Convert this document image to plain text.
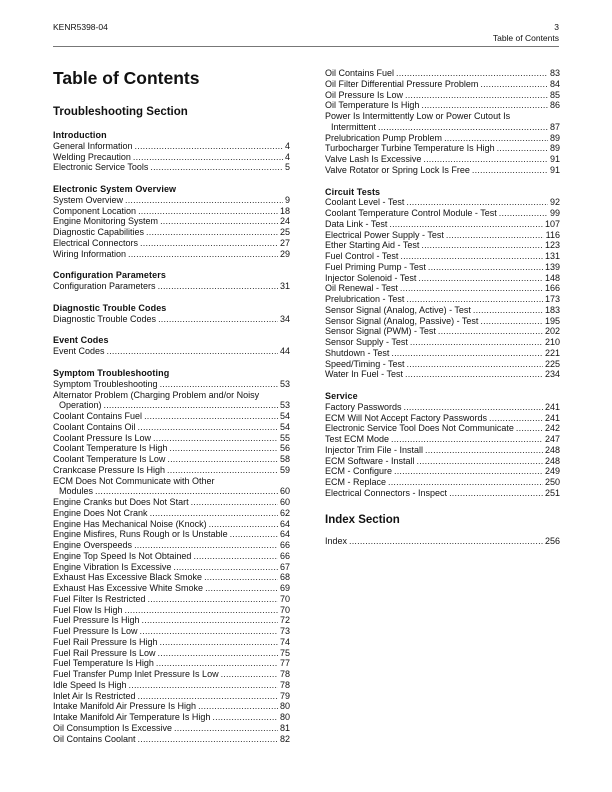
KENR5398-04	3
Table of Contents
Table of Contents
Troubleshooting Section
Introduction
General Information .....	4
Welding Precaution .....	4
Electronic Service Tools .....	5
Electronic System Overview
System Overview .....	9
Component Location .....	18
Engine Monitoring System .....	24
Diagnostic Capabilities .....	25
Electrical Connectors .....	27
Wiring Information .....	29
Configuration Parameters
Configuration Parameters .....	31
Diagnostic Trouble Codes
Diagnostic Trouble Codes .....	34
Event Codes
Event Codes .....	44
Symptom Troubleshooting
Symptom Troubleshooting .....	53
Alternator Problem (Charging Problem and/or Noisy
Operation) .....	53
Coolant Contains Fuel .....	54
Coolant Contains Oil .....	54
Coolant Pressure Is Low .....	55
Coolant Temperature Is High .....	56
Coolant Temperature Is Low .....	58
Crankcase Pressure Is High .....	59
ECM Does Not Communicate with Other
Modules .....	60
Engine Cranks but Does Not Start .....	60
Engine Does Not Crank .....	62
Engine Has Mechanical Noise (Knock) .....	64
Engine Misfires, Runs Rough or Is Unstable .....	64
Engine Overspeeds .....	66
Engine Top Speed Is Not Obtained .....	66
Engine Vibration Is Excessive .....	67
Exhaust Has Excessive Black Smoke .....	68
Exhaust Has Excessive White Smoke .....	69
Fuel Filter Is Restricted .....	70
Fuel Flow Is High .....	70
Fuel Pressure Is High .....	72
Fuel Pressure Is Low .....	73
Fuel Rail Pressure Is High .....	74
Fuel Rail Pressure Is Low .....	75
Fuel Temperature Is High .....	77
Fuel Transfer Pump Inlet Pressure Is Low .....	78
Idle Speed Is High .....	78
Inlet Air Is Restricted .....	79
Intake Manifold Air Pressure Is High .....	80
Intake Manifold Air Temperature Is High .....	80
Oil Consumption Is Excessive .....	81
Oil Contains Coolant .....	82
Oil Contains Fuel .....	83
Oil Filter Differential Pressure Problem .....	84
Oil Pressure Is Low .....	85
Oil Temperature Is High .....	86
Power Is Intermittently Low or Power Cutout Is
Intermittent .....	87
Prelubrication Pump Problem .....	89
Turbocharger Turbine Temperature Is High .....	89
Valve Lash Is Excessive .....	91
Valve Rotator or Spring Lock Is Free .....	91
Circuit Tests
Coolant Level - Test .....	92
Coolant Temperature Control Module - Test .....	99
Data Link - Test .....	107
Electrical Power Supply - Test .....	116
Ether Starting Aid - Test .....	123
Fuel Control - Test .....	131
Fuel Priming Pump - Test .....	139
Injector Solenoid - Test .....	148
Oil Renewal - Test .....	166
Prelubrication - Test .....	173
Sensor Signal (Analog, Active) - Test .....	183
Sensor Signal (Analog, Passive) - Test .....	195
Sensor Signal (PWM) - Test .....	202
Sensor Supply - Test .....	210
Shutdown - Test .....	221
Speed/Timing - Test .....	225
Water In Fuel - Test .....	234
Service
Factory Passwords .....	241
ECM Will Not Accept Factory Passwords .....	241
Electronic Service Tool Does Not Communicate .....	242
Test ECM Mode .....	247
Injector Trim File - Install .....	248
ECM Software - Install .....	248
ECM - Configure .....	249
ECM - Replace .....	250
Electrical Connectors - Inspect .....	251
Index Section
Index .....	256
